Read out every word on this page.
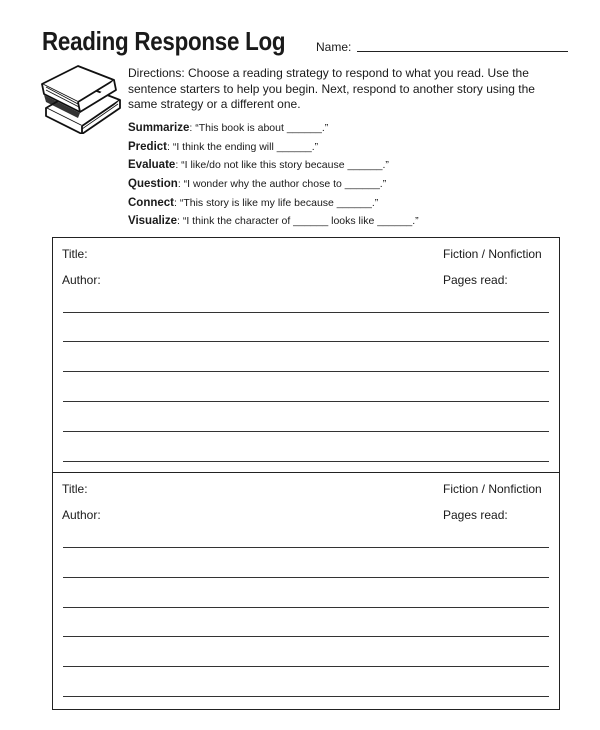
Reading Response Log	Name:
Directions: Choose a reading strategy to respond to what you read. Use the sentence starters to help you begin. Next, respond to another story using the same strategy or a different one.
Summarize: “This book is about ______.”
Predict: “I think the ending will ______.”
Evaluate: “I like/do not like this story because ______.”
Question: “I wonder why the author chose to ______.”
Connect: “This story is like my life because ______.”
Visualize: “I think the character of ______ looks like ______.”
Title:
Author:
Fiction / Nonfiction
Pages read:
Title:
Author:
Fiction / Nonfiction
Pages read:
